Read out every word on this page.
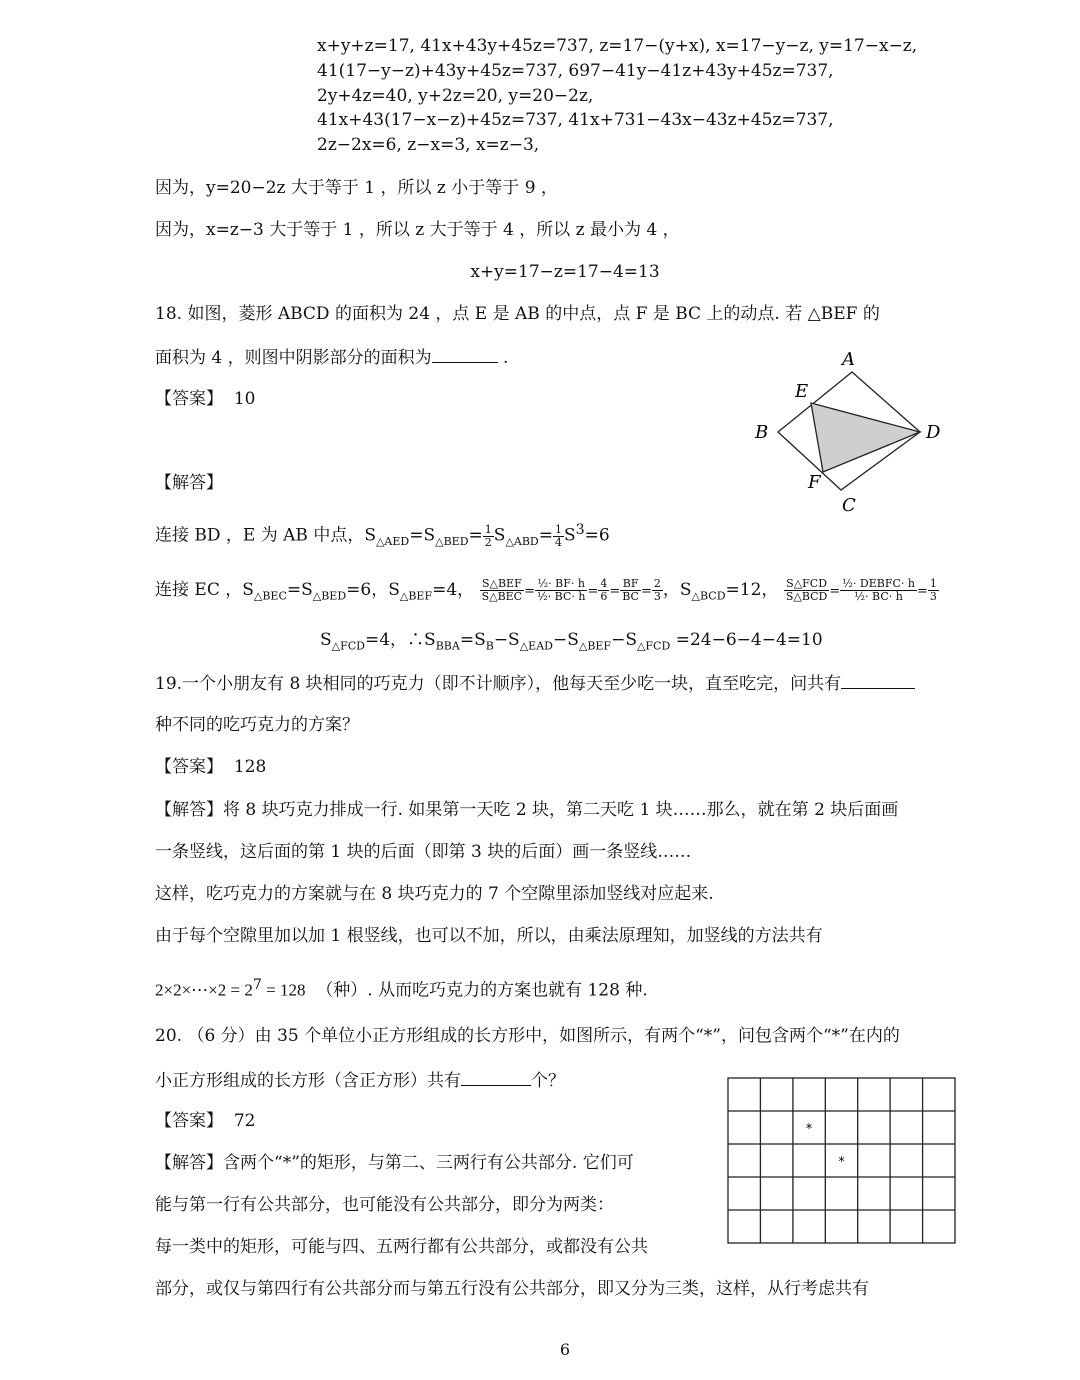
x+y+z=17, 41x+43y+45z=737, z=17−(y+x), x=17−y−z, y=17−x−z,
41(17−y−z)+43y+45z=737, 697−41y−41z+43y+45z=737,
2y+4z=40, y+2z=20, y=20−2z,
41x+43(17−x−z)+45z=737, 41x+731−43x−43z+45z=737,
2z−2x=6, z−x=3, x=z−3,
因为，y=20−2z 大于等于 1 ，所以 z 小于等于 9 ，
因为，x=z−3 大于等于 1 ，所以 z 大于等于 4 ，所以 z 最小为 4 ，
x+y=17−z=17−4=13
18. 如图，菱形 ABCD 的面积为 24 ，点 E 是 AB 的中点，点 F 是 BC 上的动点. 若 △BEF 的
面积为 4 ，则图中阴影部分的面积为	.
【答案】 10
【解答】
A
B
C
D
E
F
连接 BD ，E 为 AB 中点，$S_{\triangle AED}=S_{\triangle BED}= \frac{1}{2} S_{\triangle ABD}= \frac{1}{4} S^3=6$
连接 EC ，$S_{\triangle BEC}=S_{\triangle BED}=6$，$S_{\triangle BEF}=4$， $\frac{\text{S△BEF}}{\text{S△BEC}} = \frac{\text{½· BF· h}}{\text{½· BC· h}} = \frac{4}{6} = \frac{BF}{BC} = \frac{2}{3}$ ，$S_{\triangle BCD}=12$， $\frac{\text{S△FCD}}{\text{S△BCD}} = \frac{\text{½· DEBFC· h}}{\text{½· BC· h}} = \frac{1}{3}$
$S_{\triangle FCD}=4$，$\therefore S_{BBA}=S_B-S_{\triangle EAD}-S_{\triangle BEF}-S_{\triangle FCD} =24-6-4-4=10$
19.一个小朋友有 8 块相同的巧克力（即不计顺序），他每天至少吃一块，直至吃完，问共有
种不同的吃巧克力的方案？
【答案】 128
【解答】将 8 块巧克力排成一行. 如果第一天吃 2 块，第二天吃 1 块……那么，就在第 2 块后面画
一条竖线，这后面的第 1 块的后面（即第 3 块的后面）画一条竖线……
这样，吃巧克力的方案就与在 8 块巧克力的 7 个空隙里添加竖线对应起来.
由于每个空隙里加以加 1 根竖线，也可以不加，所以，由乘法原理知，加竖线的方法共有
2×2×⋯×2 = $2^7 = 128$ （种）. 从而吃巧克力的方案也就有 128 种.
20. （6 分）由 35 个单位小正方形组成的长方形中，如图所示，有两个“*”，问包含两个“*”在内的
小正方形组成的长方形（含正方形）共有	个？
【答案】 72
【解答】含两个“*”的矩形，与第二、三两行有公共部分. 它们可
能与第一行有公共部分，也可能没有公共部分，即分为两类：
每一类中的矩形，可能与四、五两行都有公共部分，或都没有公共
部分，或仅与第四行有公共部分而与第五行没有公共部分，即又分为三类，这样，从行考虑共有
*
*
6
